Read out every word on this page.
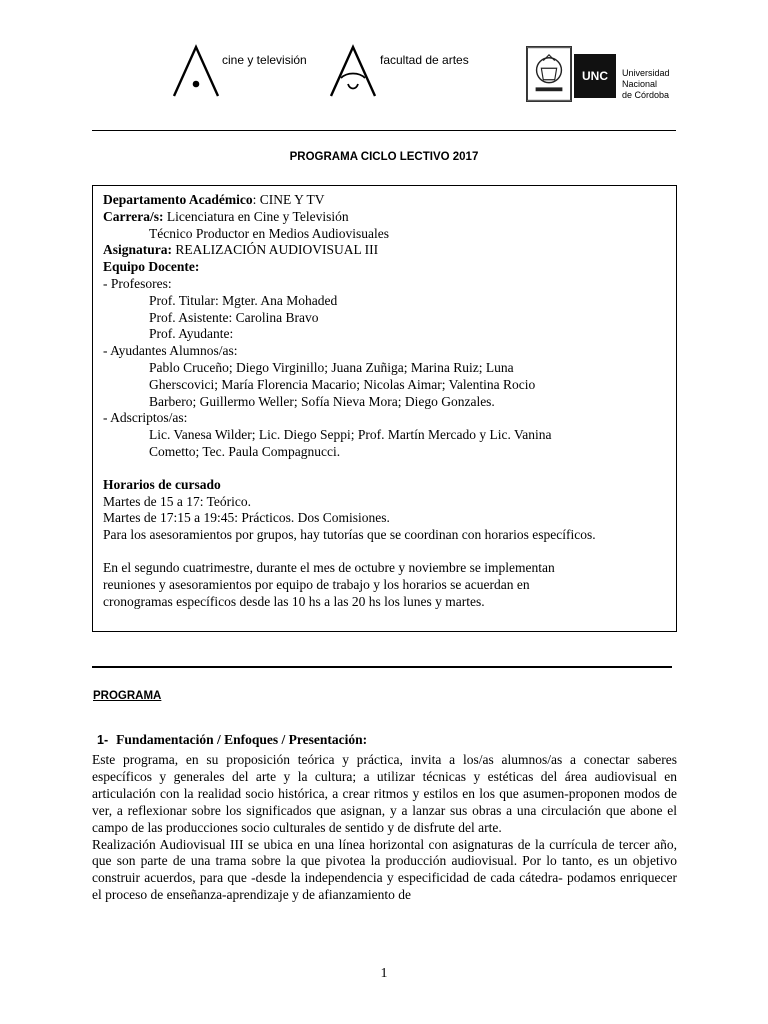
cine y televisión	facultad de artes
UNC	Universidad
Nacional
de Córdoba
PROGRAMA CICLO LECTIVO 2017
Departamento Académico: CINE Y TV
Carrera/s: Licenciatura en Cine y Televisión
Técnico Productor en Medios Audiovisuales
Asignatura: REALIZACIÓN AUDIOVISUAL III
Equipo Docente:
- Profesores:
Prof. Titular: Mgter. Ana Mohaded
Prof. Asistente: Carolina Bravo
Prof. Ayudante:
- Ayudantes Alumnos/as:
Pablo Cruceño; Diego Virginillo; Juana Zuñiga; Marina Ruiz; Luna
Gherscovici; María Florencia Macario; Nicolas Aimar; Valentina Rocio
Barbero; Guillermo Weller; Sofía Nieva Mora; Diego Gonzales.
- Adscriptos/as:
Lic. Vanesa Wilder; Lic. Diego Seppi; Prof. Martín Mercado y Lic. Vanina
Cometto; Tec. Paula Compagnucci.
Horarios de cursado
Martes de 15 a 17: Teórico.
Martes de 17:15 a 19:45: Prácticos. Dos Comisiones.
Para los asesoramientos por grupos, hay tutorías que se coordinan con horarios específicos.
En el segundo cuatrimestre, durante el mes de octubre y noviembre se implementan
reuniones y asesoramientos por equipo de trabajo y los horarios se acuerdan en
cronogramas específicos desde las 10 hs a las 20 hs los lunes y martes.
PROGRAMA
1- Fundamentación / Enfoques / Presentación:

Este programa, en su proposición teórica y práctica, invita a los/as alumnos/as a conectar saberes específicos y generales del arte y la cultura; a utilizar técnicas y estéticas del área audiovisual en articulación con la realidad socio histórica, a crear ritmos y estilos en los que asumen-proponen modos de ver, a reflexionar sobre los significados que asignan, y a lanzar sus obras a una circulación que abone el campo de las producciones socio culturales de sentido y de disfrute del arte.

Realización Audiovisual III se ubica en una línea horizontal con asignaturas de la currícula de tercer año, que son parte de una trama sobre la que pivotea la producción audiovisual. Por lo tanto, es un objetivo construir acuerdos, para que -desde la independencia y especificidad de cada cátedra- podamos enriquecer el proceso de enseñanza-aprendizaje y de afianzamiento de

1
